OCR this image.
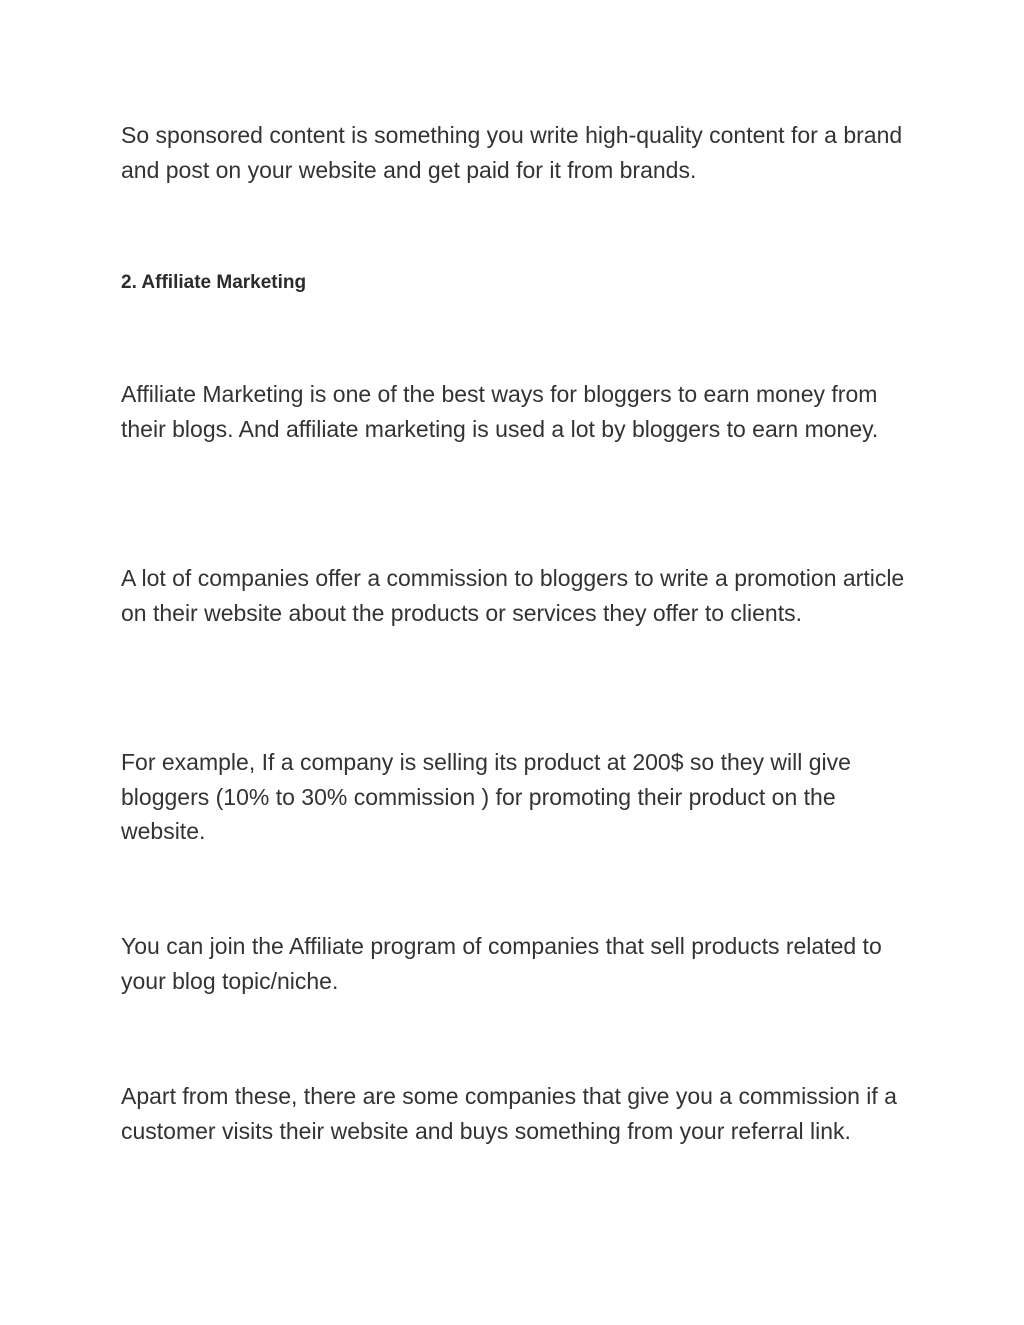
So sponsored content is something you write high-quality content for a brand and post on your website and get paid for it from brands.

2. Affiliate Marketing

Affiliate Marketing is one of the best ways for bloggers to earn money from their blogs. And affiliate marketing is used a lot by bloggers to earn money.

A lot of companies offer a commission to bloggers to write a promotion article on their website about the products or services they offer to clients.

For example, If a company is selling its product at 200$ so they will give bloggers (10% to 30% commission ) for promoting their product on the website.

You can join the Affiliate program of companies that sell products related to your blog topic/niche.

Apart from these, there are some companies that give you a commission if a customer visits their website and buys something from your referral link.
